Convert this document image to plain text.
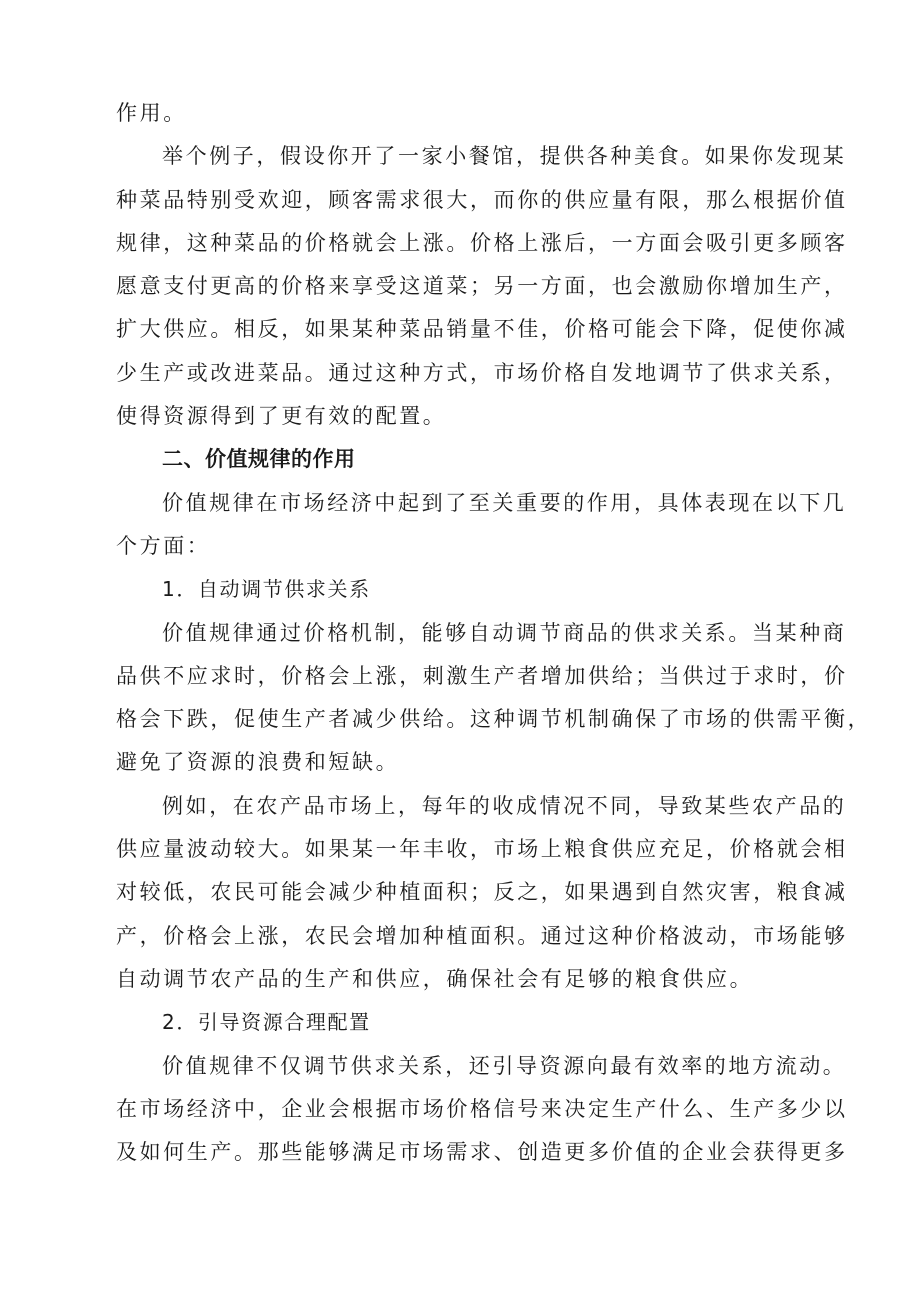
作用。
举个例子，假设你开了一家小餐馆，提供各种美食。如果你发现某
种菜品特别受欢迎，顾客需求很大，而你的供应量有限，那么根据价值
规律，这种菜品的价格就会上涨。价格上涨后，一方面会吸引更多顾客
愿意支付更高的价格来享受这道菜；另一方面，也会激励你增加生产，
扩大供应。相反，如果某种菜品销量不佳，价格可能会下降，促使你减
少生产或改进菜品。通过这种方式，市场价格自发地调节了供求关系，
使得资源得到了更有效的配置。
二、价值规律的作用
价值规律在市场经济中起到了至关重要的作用，具体表现在以下几
个方面：
1．自动调节供求关系
价值规律通过价格机制，能够自动调节商品的供求关系。当某种商
品供不应求时，价格会上涨，刺激生产者增加供给；当供过于求时，价
格会下跌，促使生产者减少供给。这种调节机制确保了市场的供需平衡，
避免了资源的浪费和短缺。
例如，在农产品市场上，每年的收成情况不同，导致某些农产品的
供应量波动较大。如果某一年丰收，市场上粮食供应充足，价格就会相
对较低，农民可能会减少种植面积；反之，如果遇到自然灾害，粮食减
产，价格会上涨，农民会增加种植面积。通过这种价格波动，市场能够
自动调节农产品的生产和供应，确保社会有足够的粮食供应。
2．引导资源合理配置
价值规律不仅调节供求关系，还引导资源向最有效率的地方流动。
在市场经济中，企业会根据市场价格信号来决定生产什么、生产多少以
及如何生产。那些能够满足市场需求、创造更多价值的企业会获得更多
